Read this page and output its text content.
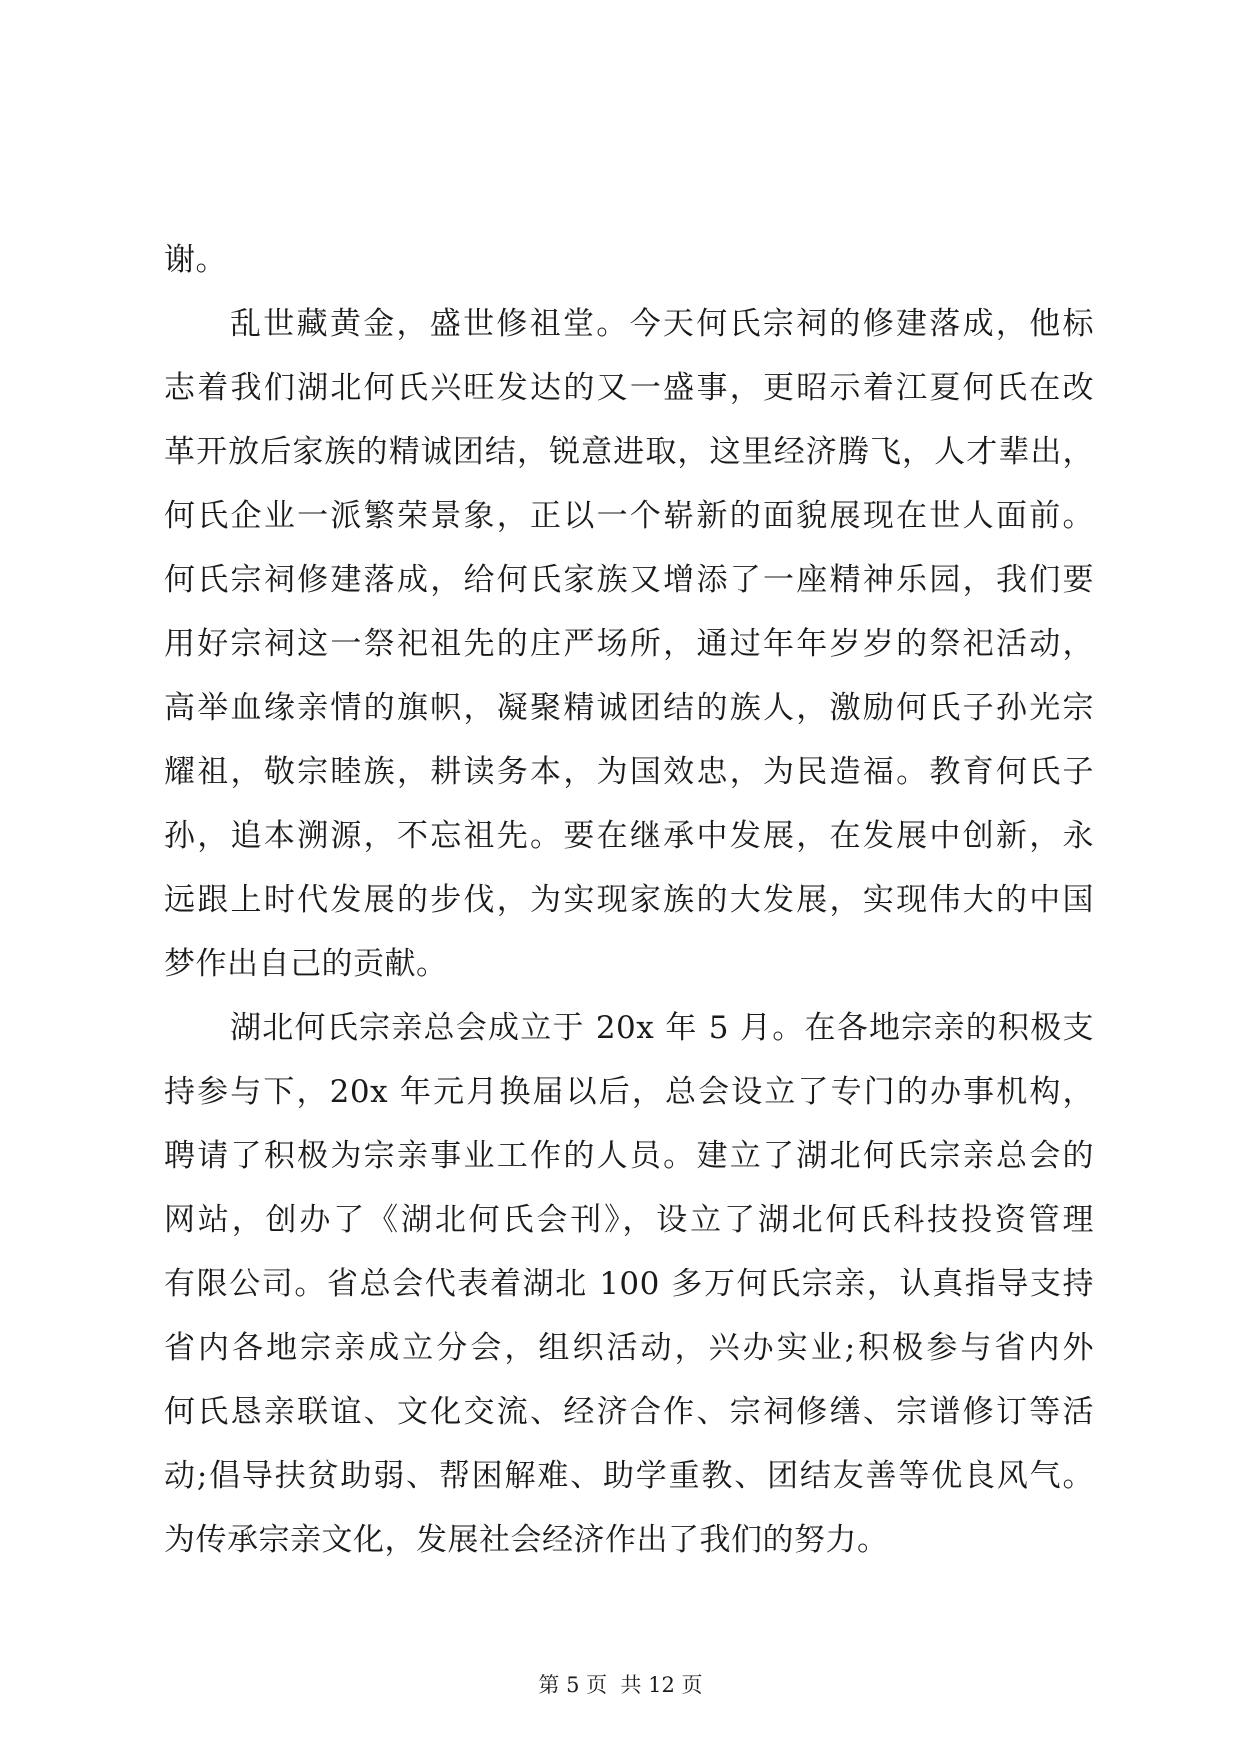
谢。
乱世藏黄金，盛世修祖堂。今天何氏宗祠的修建落成，他标
志着我们湖北何氏兴旺发达的又一盛事，更昭示着江夏何氏在改
革开放后家族的精诚团结，锐意进取，这里经济腾飞，人才辈出，
何氏企业一派繁荣景象，正以一个崭新的面貌展现在世人面前。
何氏宗祠修建落成，给何氏家族又增添了一座精神乐园，我们要
用好宗祠这一祭祀祖先的庄严场所，通过年年岁岁的祭祀活动，
高举血缘亲情的旗帜，凝聚精诚团结的族人，激励何氏子孙光宗
耀祖，敬宗睦族，耕读务本，为国效忠，为民造福。教育何氏子
孙，追本溯源，不忘祖先。要在继承中发展，在发展中创新，永
远跟上时代发展的步伐，为实现家族的大发展，实现伟大的中国
梦作出自己的贡献。
湖北何氏宗亲总会成立于 20x 年 5 月。在各地宗亲的积极支
持参与下，20x 年元月换届以后，总会设立了专门的办事机构，
聘请了积极为宗亲事业工作的人员。建立了湖北何氏宗亲总会的
网站，创办了《湖北何氏会刊》，设立了湖北何氏科技投资管理
有限公司。省总会代表着湖北 100 多万何氏宗亲，认真指导支持
省内各地宗亲成立分会，组织活动，兴办实业;积极参与省内外
何氏恳亲联谊、文化交流、经济合作、宗祠修缮、宗谱修订等活
动;倡导扶贫助弱、帮困解难、助学重教、团结友善等优良风气。
为传承宗亲文化，发展社会经济作出了我们的努力。
第 5 页  共 12 页
